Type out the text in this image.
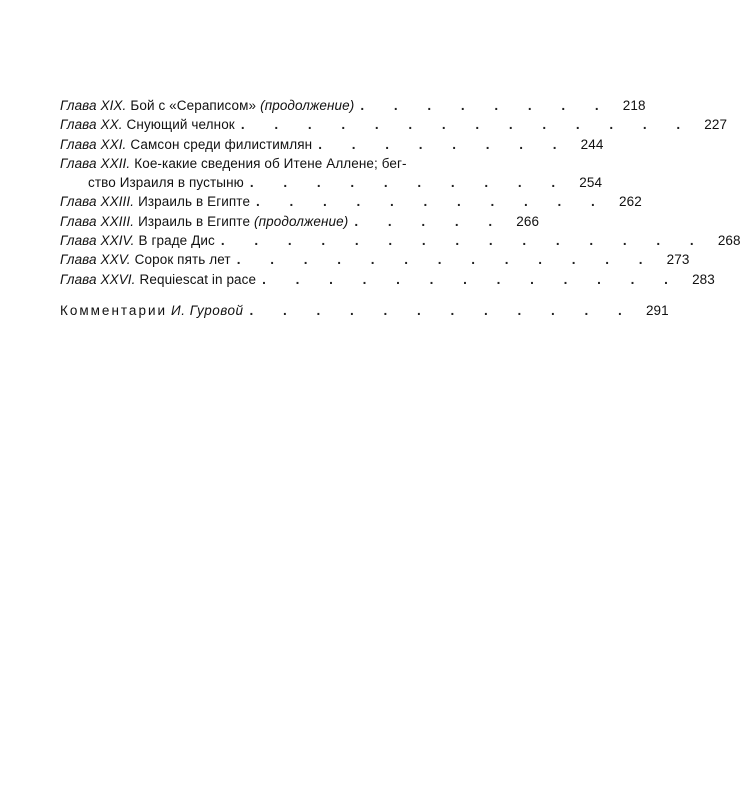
Глава XIX. Бой с «Сераписом» (продолжение) . . . . . . . . 218
Глава XX. Снующий челнок . . . . . . . . . . . . . . 227
Глава XXI. Самсон среди филистимлян . . . . . . . . 244
Глава XXII. Кое-какие сведения об Итене Аллене; бег-
ство Израиля в пустыню . . . . . . . . . . 254
Глава XXIII. Израиль в Египте . . . . . . . . . . . 262
Глава XXIII. Израиль в Египте (продолжение) . . . . . 266
Глава XXIV. В граде Дис . . . . . . . . . . . . . . . 268
Глава XXV. Сорок пять лет . . . . . . . . . . . . . 273
Глава XXVI. Requiescat in pace . . . . . . . . . . . . . 283
Комментарии И. Гуровой . . . . . . . . . . . . 291
